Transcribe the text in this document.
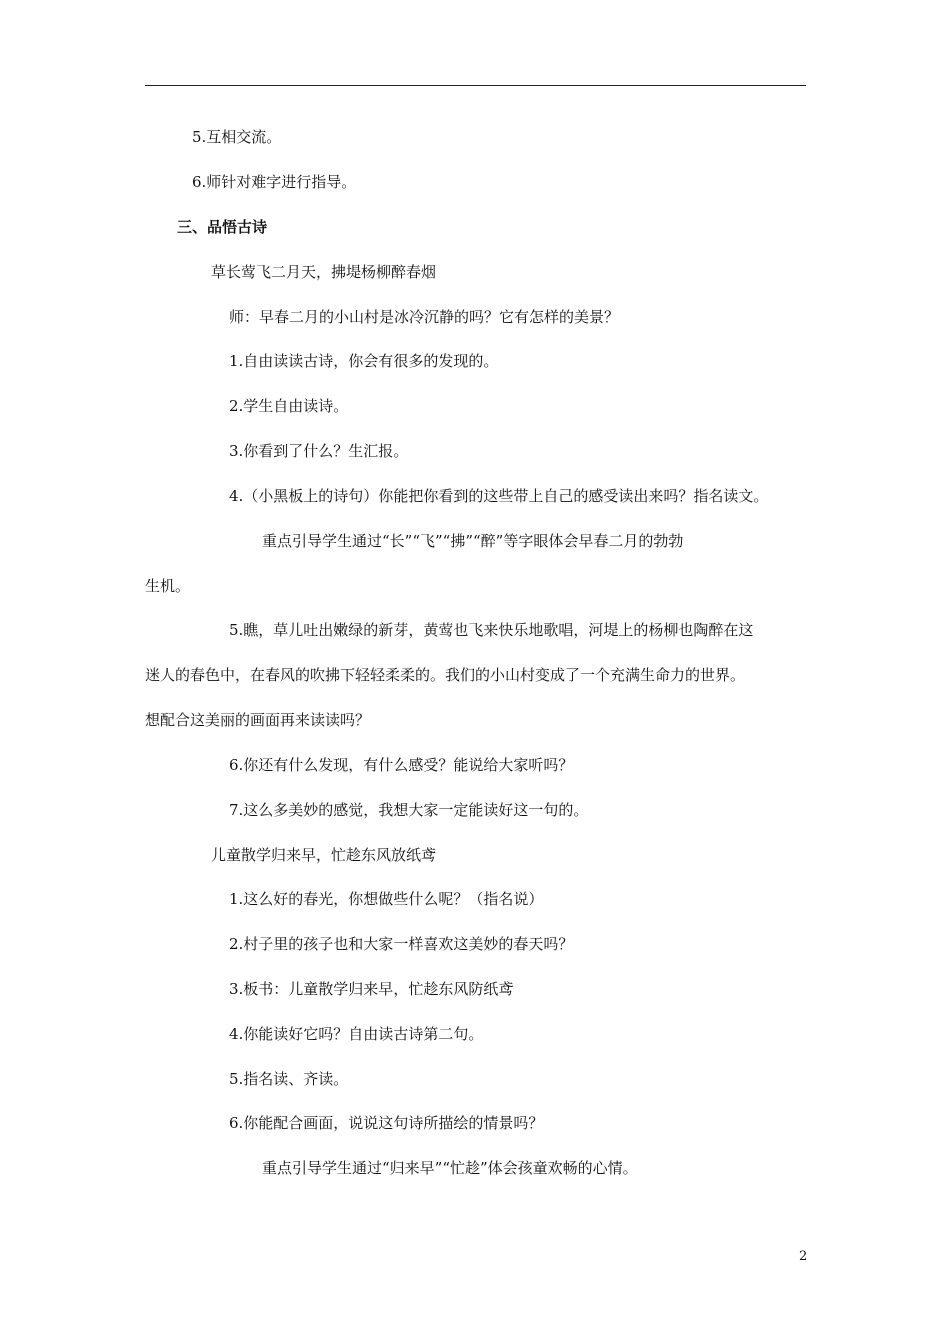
5.互相交流。
6.师针对难字进行指导。
三、品悟古诗
草长莺飞二月天，拂堤杨柳醉春烟
师：早春二月的小山村是冰冷沉静的吗？它有怎样的美景？
1.自由读读古诗，你会有很多的发现的。
2.学生自由读诗。
3.你看到了什么？生汇报。
4.（小黑板上的诗句）你能把你看到的这些带上自己的感受读出来吗？指名读文。
重点引导学生通过“长”“飞”“拂”“醉”等字眼体会早春二月的勃勃
生机。
5.瞧，草儿吐出嫩绿的新芽，黄莺也飞来快乐地歌唱，河堤上的杨柳也陶醉在这
迷人的春色中，在春风的吹拂下轻轻柔柔的。我们的小山村变成了一个充满生命力的世界。
想配合这美丽的画面再来读读吗？
6.你还有什么发现，有什么感受？能说给大家听吗？
7.这么多美妙的感觉，我想大家一定能读好这一句的。
儿童散学归来早，忙趁东风放纸鸢
1.这么好的春光，你想做些什么呢？（指名说）
2.村子里的孩子也和大家一样喜欢这美妙的春天吗？
3.板书：儿童散学归来早，忙趁东风防纸鸢
4.你能读好它吗？自由读古诗第二句。
5.指名读、齐读。
6.你能配合画面，说说这句诗所描绘的情景吗？
重点引导学生通过“归来早”“忙趁”体会孩童欢畅的心情。
2
